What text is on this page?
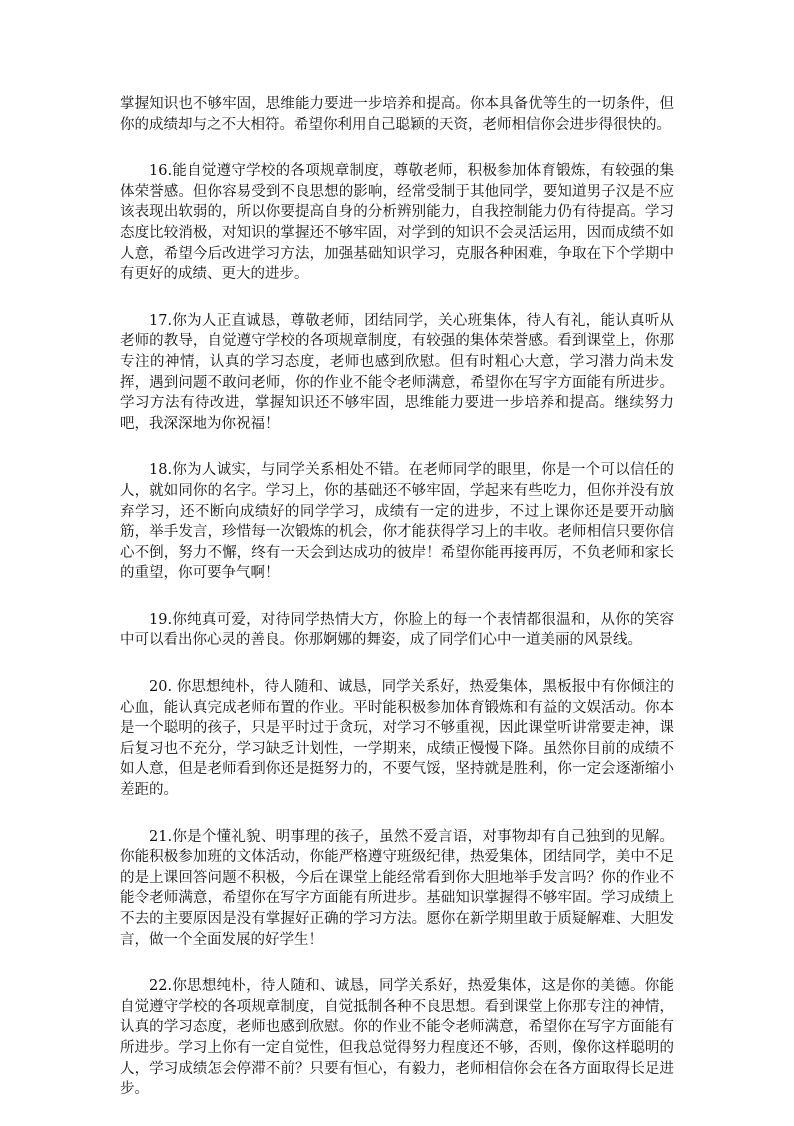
掌握知识也不够牢固，思维能力要进一步培养和提高。你本具备优等生的一切条件，但你的成绩却与之不大相符。希望你利用自己聪颖的天资，老师相信你会进步得很快的。

16.能自觉遵守学校的各项规章制度，尊敬老师，积极参加体育锻炼，有较强的集体荣誉感。但你容易受到不良思想的影响，经常受制于其他同学，要知道男子汉是不应该表现出软弱的，所以你要提高自身的分析辨别能力，自我控制能力仍有待提高。学习态度比较消极，对知识的掌握还不够牢固，对学到的知识不会灵活运用，因而成绩不如人意，希望今后改进学习方法，加强基础知识学习，克服各种困难，争取在下个学期中有更好的成绩、更大的进步。

17.你为人正直诚恳，尊敬老师，团结同学，关心班集体，待人有礼，能认真听从老师的教导，自觉遵守学校的各项规章制度，有较强的集体荣誉感。看到课堂上，你那专注的神情，认真的学习态度，老师也感到欣慰。但有时粗心大意，学习潜力尚未发挥，遇到问题不敢问老师，你的作业不能令老师满意，希望你在写字方面能有所进步。学习方法有待改进，掌握知识还不够牢固，思维能力要进一步培养和提高。继续努力吧，我深深地为你祝福！

18.你为人诚实，与同学关系相处不错。在老师同学的眼里，你是一个可以信任的人，就如同你的名字。学习上，你的基础还不够牢固，学起来有些吃力，但你并没有放弃学习，还不断向成绩好的同学学习，成绩有一定的进步，不过上课你还是要开动脑筋，举手发言，珍惜每一次锻炼的机会，你才能获得学习上的丰收。老师相信只要你信心不倒，努力不懈，终有一天会到达成功的彼岸！希望你能再接再厉，不负老师和家长的重望，你可要争气啊！

19.你纯真可爱，对待同学热情大方，你脸上的每一个表情都很温和，从你的笑容中可以看出你心灵的善良。你那婀娜的舞姿，成了同学们心中一道美丽的风景线。

20. 你思想纯朴，待人随和、诚恳，同学关系好，热爱集体，黑板报中有你倾注的心血，能认真完成老师布置的作业。平时能积极参加体育锻炼和有益的文娱活动。你本是一个聪明的孩子，只是平时过于贪玩，对学习不够重视，因此课堂听讲常要走神，课后复习也不充分，学习缺乏计划性，一学期来，成绩正慢慢下降。虽然你目前的成绩不如人意，但是老师看到你还是挺努力的，不要气馁，坚持就是胜利，你一定会逐渐缩小差距的。

21.你是个懂礼貌、明事理的孩子，虽然不爱言语，对事物却有自己独到的见解。你能积极参加班的文体活动，你能严格遵守班级纪律，热爱集体，团结同学，美中不足的是上课回答问题不积极，今后在课堂上能经常看到你大胆地举手发言吗？你的作业不能令老师满意，希望你在写字方面能有所进步。基础知识掌握得不够牢固。学习成绩上不去的主要原因是没有掌握好正确的学习方法。愿你在新学期里敢于质疑解难、大胆发言，做一个全面发展的好学生！

22.你思想纯朴，待人随和、诚恳，同学关系好，热爱集体，这是你的美德。你能自觉遵守学校的各项规章制度，自觉抵制各种不良思想。看到课堂上你那专注的神情，认真的学习态度，老师也感到欣慰。你的作业不能令老师满意，希望你在写字方面能有所进步。学习上你有一定自觉性，但我总觉得努力程度还不够，否则，像你这样聪明的人，学习成绩怎会停滞不前？只要有恒心，有毅力，老师相信你会在各方面取得长足进步。
